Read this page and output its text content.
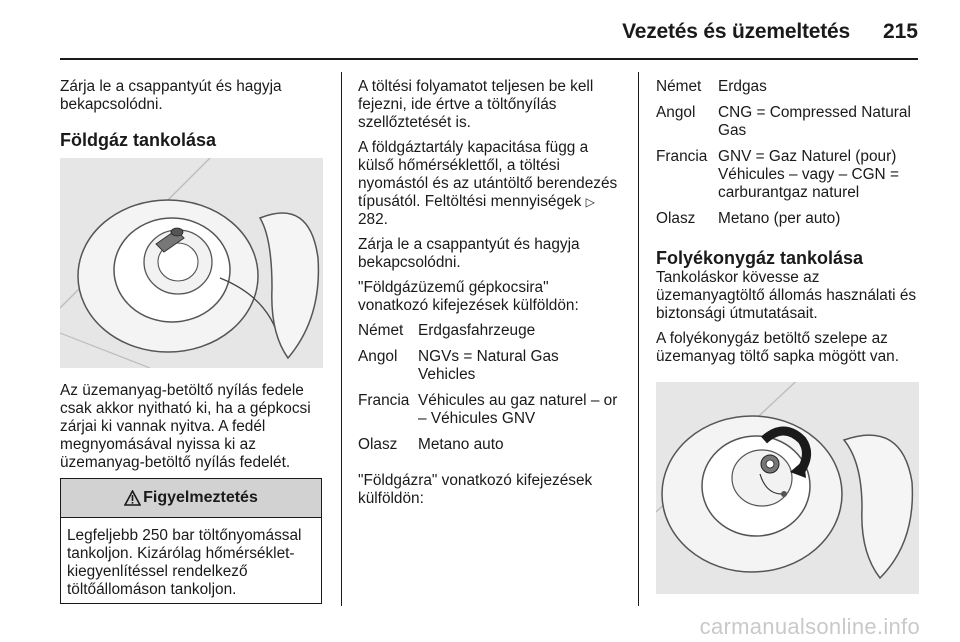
Vezetés és üzemeltetés 215

Zárja le a csappantyút és hagyja bekapcsolódni.

Földgáz tankolása

Az üzemanyag-betöltő nyílás fedele csak akkor nyitható ki, ha a gépkocsi zárjai ki vannak nyitva. A fedél megnyomásával nyissa ki az üzemanyag-betöltő nyílás fedelét.

Figyelmeztetés
Legfeljebb 250 bar töltőnyomással tankoljon. Kizárólag hőmérséklet-kiegyenlítéssel rendelkező töltőállomáson tankoljon.

A töltési folyamatot teljesen be kell fejezni, ide értve a töltőnyílás szellőztetését is.

A földgáztartály kapacitása függ a külső hőmérséklettől, a töltési nyomástól és az utántöltő berendezés típusától. Feltöltési mennyiségek ▷ 282.

Zárja le a csappantyút és hagyja bekapcsolódni.

"Földgázüzemű gépkocsira" vonatkozó kifejezések külföldön:

Német	Erdgasfahrzeuge
Angol	NGVs = Natural Gas Vehicles
Francia	Véhicules au gaz naturel – or – Véhicules GNV
Olasz	Metano auto

"Földgázra" vonatkozó kifejezések külföldön:

Német	Erdgas
Angol	CNG = Compressed Natural Gas
Francia	GNV = Gaz Naturel (pour) Véhicules – vagy – CGN = carburantgaz naturel
Olasz	Metano (per auto)
Folyékonygáz tankolása

Tankoláskor kövesse az üzemanyagtöltő állomás használati és biztonsági útmutatásait.

A folyékonygáz betöltő szelepe az üzemanyag töltő sapka mögött van.

carmanualsonline.info
